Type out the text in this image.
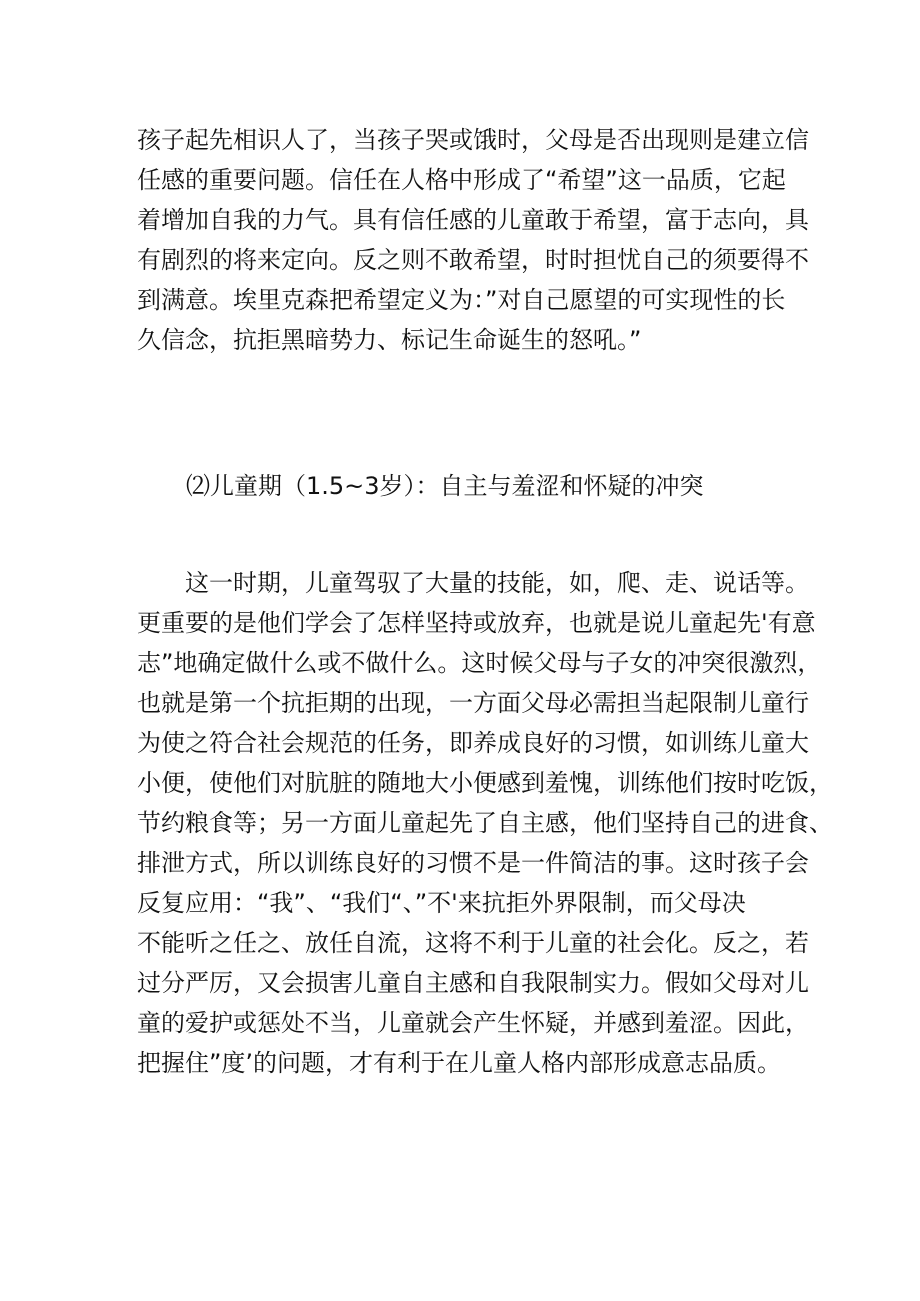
孩子起先相识人了，当孩子哭或饿时，父母是否出现则是建立信
任感的重要问题。信任在人格中形成了“希望”这一品质，它起
着增加自我的力气。具有信任感的儿童敢于希望，富于志向，具
有剧烈的将来定向。反之则不敢希望，时时担忧自己的须要得不
到满意。埃里克森把希望定义为：”对自己愿望的可实现性的长
久信念，抗拒黑暗势力、标记生命诞生的怒吼。”
⑵儿童期（1.5~3岁）：自主与羞涩和怀疑的冲突
这一时期，儿童驾驭了大量的技能，如，爬、走、说话等。
更重要的是他们学会了怎样坚持或放弃，也就是说儿童起先'有意
志”地确定做什么或不做什么。这时候父母与子女的冲突很激烈，
也就是第一个抗拒期的出现，一方面父母必需担当起限制儿童行
为使之符合社会规范的任务，即养成良好的习惯，如训练儿童大
小便，使他们对肮脏的随地大小便感到羞愧，训练他们按时吃饭，
节约粮食等；另一方面儿童起先了自主感，他们坚持自己的进食、
排泄方式，所以训练良好的习惯不是一件简洁的事。这时孩子会
反复应用：“我”、“我们“、”不'来抗拒外界限制，而父母决
不能听之任之、放任自流，这将不利于儿童的社会化。反之，若
过分严厉，又会损害儿童自主感和自我限制实力。假如父母对儿
童的爱护或惩处不当，儿童就会产生怀疑，并感到羞涩。因此，
把握住”度’的问题，才有利于在儿童人格内部形成意志品质。
